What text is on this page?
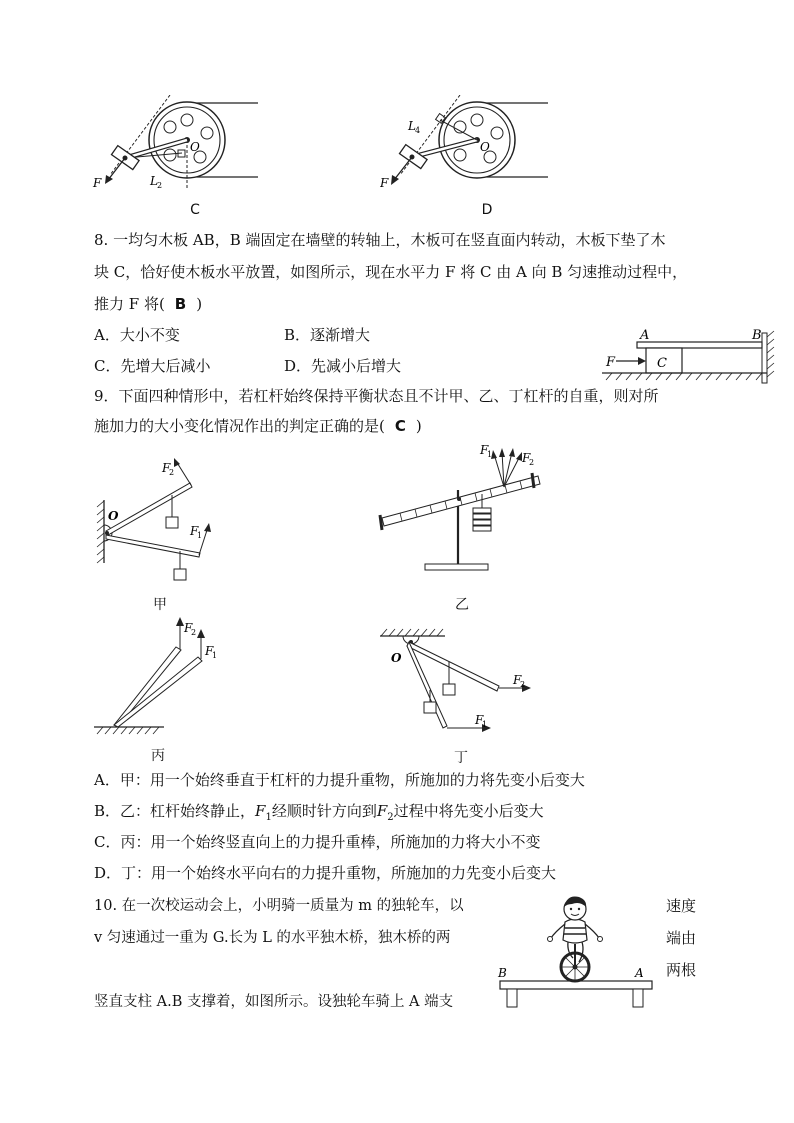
F	L 2
O
C
F
L 4
O
D
8. 一均匀木板 AB，B 端固定在墙壁的转轴上，木板可在竖直面内转动，木板下垫了木
块 C，恰好使木板水平放置，如图所示，现在水平力 F 将 C 由 A 向 B 匀速推动过程中，
推力 F 将( B )
A．大小不变	B．逐渐增大
C．先增大后减小	D．先减小后增大	F	C
A	B
9．下面四种情形中，若杠杆始终保持平衡状态且不计甲、乙、丁杠杆的自重，则对所
施加力的大小变化情况作出的判定正确的是( C )
F
2
F
1
O
甲
F
1 F
2
乙
F
2
F
1
丙
F
2
F
1
O
丁
A．甲：用一个始终垂直于杠杆的力提升重物，所施加的力将先变小后变大
B．乙：杠杆始终静止，$F_1$经顺时针方向到$F_2$过程中将先变小后变大
C．丙：用一个始终竖直向上的力提升重棒，所施加的力将大小不变
D．丁：用一个始终水平向右的力提升重物，所施加的力先变小后变大
10. 在一次校运动会上，小明骑一质量为 m 的独轮车，以	速度
v 匀速通过一重为 G.长为 L 的水平独木桥，独木桥的两	端由
两根
竖直支柱 A.B 支撑着，如图所示。设独轮车骑上 A 端支
B	A
